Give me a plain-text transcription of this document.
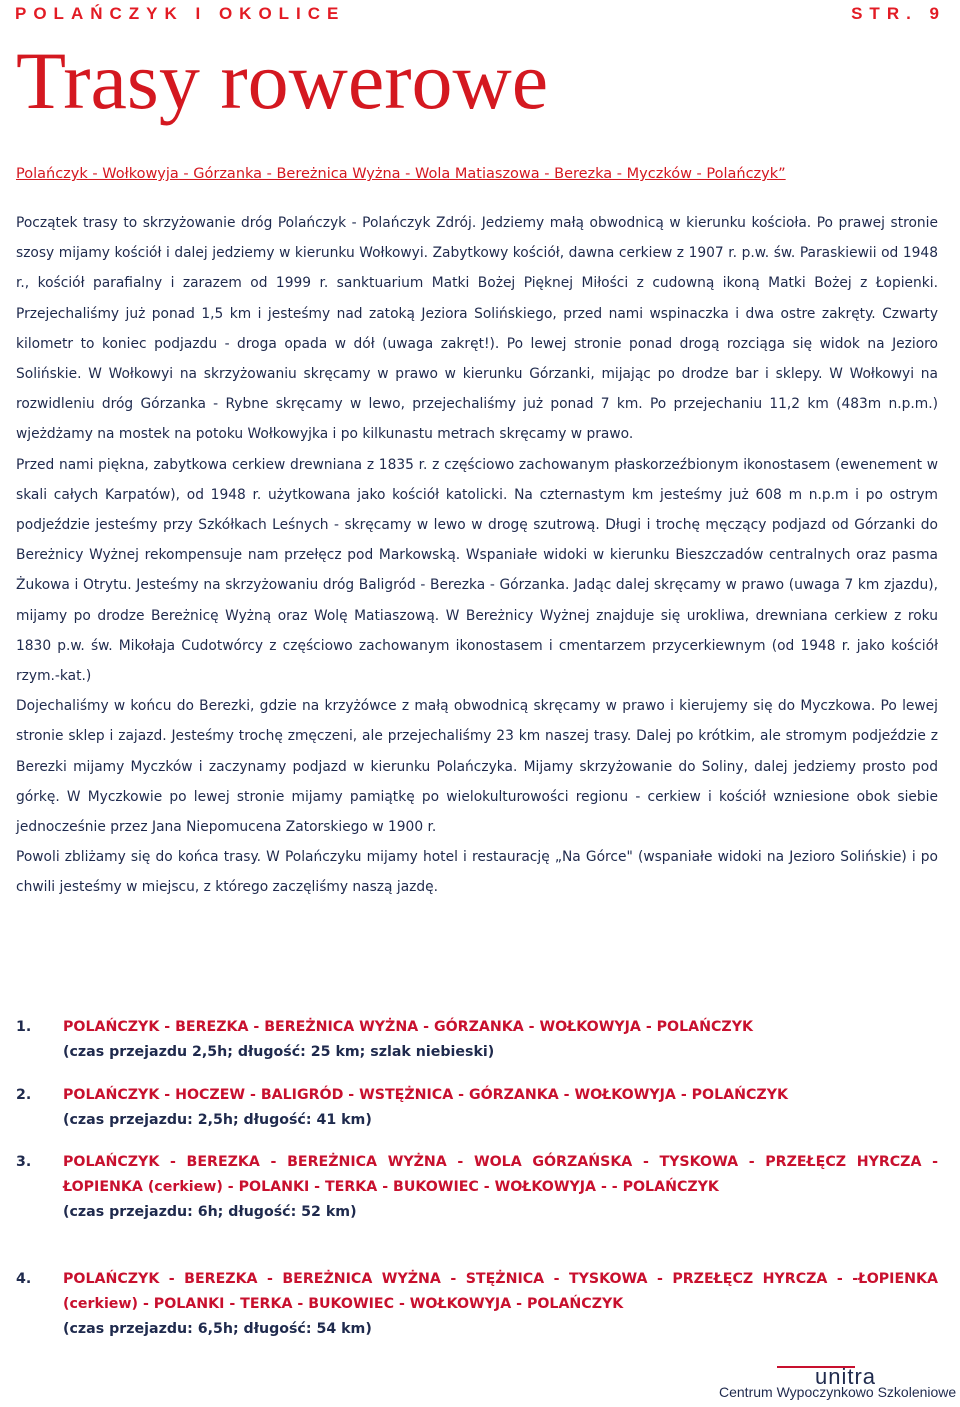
POLAŃCZYK I OKOLICE	STR. 9
Trasy rowerowe
Polańczyk - Wołkowyja - Górzanka - Bereżnica Wyżna - Wola Matiaszowa - Berezka - Myczków - Polańczyk”

Początek trasy to skrzyżowanie dróg Polańczyk - Polańczyk Zdrój. Jedziemy małą obwodnicą w kierunku kościoła. Po prawej stronie szosy mijamy kościół i dalej jedziemy w kierunku Wołkowyi. Zabytkowy kościół, dawna cerkiew z 1907 r. p.w. św. Paraskiewii od 1948 r., kościół parafialny i zarazem od 1999 r. sanktuarium Matki Bożej Pięknej Miłości z cudowną ikoną Matki Bożej z Łopienki. Przejechaliśmy już ponad 1,5 km i jesteśmy nad zatoką Jeziora Solińskiego, przed nami wspinaczka i dwa ostre zakręty. Czwarty kilometr to koniec podjazdu - droga opada w dół (uwaga zakręt!). Po lewej stronie ponad drogą rozciąga się widok na Jezioro Solińskie. W Wołkowyi na skrzyżowaniu skręcamy w prawo w kierunku Górzanki, mijając po drodze bar i sklepy. W Wołkowyi na rozwidleniu dróg Górzanka - Rybne skręcamy w lewo, przejechaliśmy już ponad 7 km. Po przejechaniu 11,2 km (483m n.p.m.) wjeżdżamy na mostek na potoku Wołkowyjka i po kilkunastu metrach skręcamy w prawo.

Przed nami piękna, zabytkowa cerkiew drewniana z 1835 r. z częściowo zachowanym płaskorzeźbionym ikonostasem (ewenement w skali całych Karpatów), od 1948 r. użytkowana jako kościół katolicki. Na czternastym km jesteśmy już 608 m n.p.m i po ostrym podjeździe jesteśmy przy Szkółkach Leśnych - skręcamy w lewo w drogę szutrową. Długi i trochę męczący podjazd od Górzanki do Bereżnicy Wyżnej rekompensuje nam przełęcz pod Markowską. Wspaniałe widoki w kierunku Bieszczadów centralnych oraz pasma Żukowa i Otrytu. Jesteśmy na skrzyżowaniu dróg Baligród - Berezka - Górzanka. Jadąc dalej skręcamy w prawo (uwaga 7 km zjazdu), mijamy po drodze Bereżnicę Wyżną oraz Wolę Matiaszową. W Bereżnicy Wyżnej znajduje się urokliwa, drewniana cerkiew z roku 1830 p.w. św. Mikołaja Cudotwórcy z częściowo zachowanym ikonostasem i cmentarzem przycerkiewnym (od 1948 r. jako kościół rzym.-kat.)

Dojechaliśmy w końcu do Berezki, gdzie na krzyżówce z małą obwodnicą skręcamy w prawo i kierujemy się do Myczkowa. Po lewej stronie sklep i zajazd. Jesteśmy trochę zmęczeni, ale przejechaliśmy 23 km naszej trasy. Dalej po krótkim, ale stromym podjeździe z Berezki mijamy Myczków i zaczynamy podjazd w kierunku Polańczyka. Mijamy skrzyżowanie do Soliny, dalej jedziemy prosto pod górkę. W Myczkowie po lewej stronie mijamy pamiątkę po wielokulturowości regionu - cerkiew i kościół wzniesione obok siebie jednocześnie przez Jana Niepomucena Zatorskiego w 1900 r.

Powoli zbliżamy się do końca trasy. W Polańczyku mijamy hotel i restaurację „Na Górce" (wspaniałe widoki na Jezioro Solińskie) i po chwili jesteśmy w miejscu, z którego zaczęliśmy naszą jazdę.

1.	POLAŃCZYK - BEREZKA - BEREŻNICA WYŻNA - GÓRZANKA - WOŁKOWYJA - POLAŃCZYK
(czas przejazdu 2,5h; długość: 25 km; szlak niebieski)
2.	POLAŃCZYK - HOCZEW - BALIGRÓD - WSTĘŻNICA - GÓRZANKA - WOŁKOWYJA - POLAŃCZYK
(czas przejazdu: 2,5h; długość: 41 km)
3.	POLAŃCZYK - BEREZKA - BEREŻNICA WYŻNA - WOLA GÓRZAŃSKA - TYSKOWA - PRZEŁĘCZ HYRCZA - ŁOPIENKA (cerkiew) - POLANKI - TERKA - BUKOWIEC - WOŁKOWYJA - - POLAŃCZYK
(czas przejazdu: 6h; długość: 52 km)
4.	POLAŃCZYK - BEREZKA - BEREŻNICA WYŻNA - STĘŻNICA - TYSKOWA - PRZEŁĘCZ HYRCZA - -ŁOPIENKA (cerkiew) - POLANKI - TERKA - BUKOWIEC - WOŁKOWYJA - POLAŃCZYK
(czas przejazdu: 6,5h; długość: 54 km)
unitra
Centrum Wypoczynkowo Szkoleniowe
